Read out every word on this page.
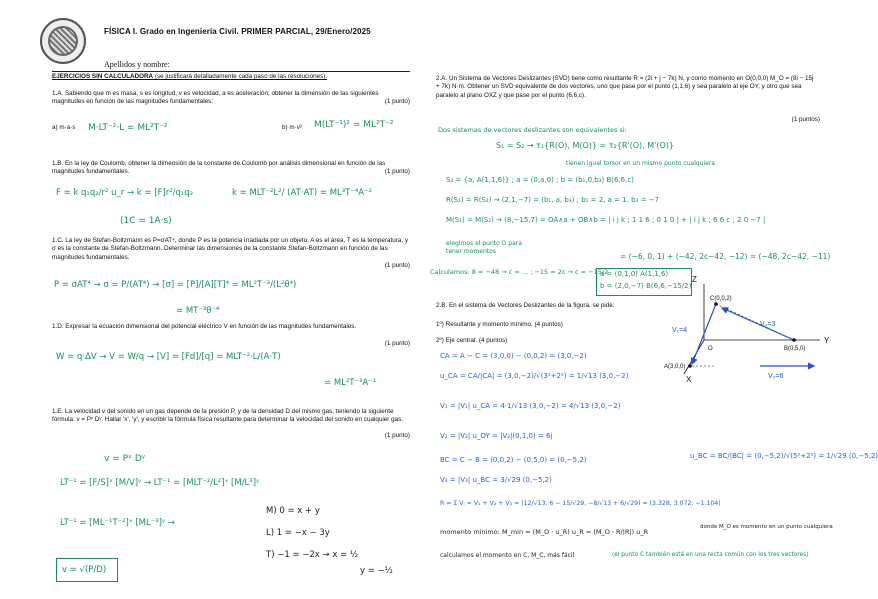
FÍSICA I. Grado en Ingeniería Civil. PRIMER PARCIAL, 29/Enero/2025
Apellidos y nombre:
EJERCICIOS SIN CALCULADORA (se justificará detalladamente cada paso de las resoluciones).
1.A. Sabiendo que m es masa, s es longitud, v es velocidad, a es aceleración; obtener la dimensión de las siguientes magnitudes en función de las magnitudes fundamentales:	(1 punto)
a) m·a·s	b) m·v²
M·LT⁻²·L = ML²T⁻²	M(LT⁻¹)² = ML²T⁻²
1.B. En la ley de Coulomb, obtener la dimensión de la constante de Coulomb por análisis dimensional en función de las magnitudes fundamentales.	(1 punto)
F = k q₁q₂/r² u_r → k = [F]r²/q₁q₂	k = MLT⁻²L²/ (AT·AT) = ML³T⁻⁴A⁻²
(1C = 1A·s)
1.C. La ley de Stefan-Boltzmann es P=σAT⁴, donde P es la potencia irradiada por un objeto, A es el área, T es la temperatura, y σ es la constante de Stefan-Boltzmann. Determinar las dimensiones de la constante Stefan-Boltzmann en función de las magnitudes fundamentales.
(1 punto)
P = σAT⁴ → σ = P/(AT⁴) → [σ] = [P]/[A][T]⁴ = ML²T⁻³/(L²θ⁴)
= MT⁻³θ⁻⁴
1.D. Expresar la ecuación dimensional del potencial eléctrico V en función de las magnitudes fundamentales.
(1 punto)
W = q·ΔV → V = W/q → [V] = [Fd]/[q] = MLT⁻²·L/(A·T)
= ML²T⁻³A⁻¹
1.E. La velocidad v del sonido en un gas depende de la presión P, y de la densidad D del mismo gas, teniendo la siguiente fórmula: v = Pˣ Dʸ. Hallar 'x', 'y', y escribir la fórmula física resultante para determinar la velocidad del sonido en cualquier gas.
(1 punto)
v = Pˣ Dʸ
LT⁻¹ = [F/S]ˣ [M/V]ʸ → LT⁻¹ = [MLT⁻²/L²]ˣ [M/L³]ʸ
LT⁻¹ = [ML⁻¹T⁻²]ˣ [ML⁻³]ʸ →
M) 0 = x + y
L) 1 = −x − 3y
T) −1 = −2x → x = ½
y = −½
v = √(P/D)
2.A. Un Sistema de Vectores Deslizantes (SVD) tiene como resultante R = (2i + j − 7k) N, y como momento en O(0,0,0) M_O = (8i − 15j + 7k) N·m. Obtener un SVD equivalente de dos vectores, uno que pase por el punto (1,1,6) y sea paralelo al eje OY, y otro que sea paralelo al plano OXZ y que pase por el punto (6,6,c).
(1 puntos)
Dos sistemas de vectores deslizantes son equivalentes si:
S₁ = S₂ → τ₁{R(O), M(O)} = τ₂{R'(O), M'(O)}
tienen igual torsor en un mismo punto cualquiera
S₂ = {a, A(1,1,6)} ; a = (0,a,0) ; b = (b₁,0,b₃) B(6,6,c)
R(S₁) = R(S₂) → (2,1,−7) = (b₁, a, b₃) ; b₁ = 2, a = 1, b₃ = −7
M(S₁) = M(S₂) → (8,−15,7) = OA∧a + OB∧b = | i j k ; 1 1 6 ; 0 1 0 | + | i j k ; 6 6 c ; 2 0 −7 |
elegimos el punto O para tener momentos
= (−6, 0, 1) + (−42, 2c−42, −12) = (−48, 2c−42, −11)
Calculamos: 8 = −48 → c = ... ; −15 = 2c → c = −15/2
a = (0,1,0) A(1,1,6)
b = (2,0,−7) B(6,6,−15/2)
2.B. En el sistema de Vectores Deslizantes de la figura, se pide:
1º) Resultante y momento mínimo. (4 puntos)
2º) Eje central. (4 puntos)
CA = A − C = (3,0,0) − (0,0,2) = (3,0,−2)
u_CA = CA/|CA| = (3,0,−2)/√(3²+2²) = 1/√13 (3,0,−2)
V₁ = |V₁| u_CA = 4·1/√13 (3,0,−2) = 4/√13 (3,0,−2)
V₂ = |V₂| u_OY = |V₂|(0,1,0) = 6j
BC = C − B = (0,0,2) − (0,5,0) = (0,−5,2)	u_BC = BC/|BC| = (0,−5,2)/√(5²+2²) = 1/√29 (0,−5,2)
V₃ = |V₃| u_BC = 3/√29 (0,−5,2)
R = Σ Vᵢ = V₁ + V₂ + V₃ = (12/√13, 6 − 15/√29, −8/√13 + 6/√29) = (3.328, 3.072, −1.104)
momento mínimo: M_min = (M_O · u_R) u_R = (M_O · R/|R|) u_R
donde M_O es momento en un punto cualquiera
calculamos el momento en C, M_C, más fácil	(el punto C también está en una recta común con los tres vectores)
Z
Y
X
C(0,0,2)
A(3,0,0)
B(0,5,0)
O
V₁=4
V₂=6
V₃=3
